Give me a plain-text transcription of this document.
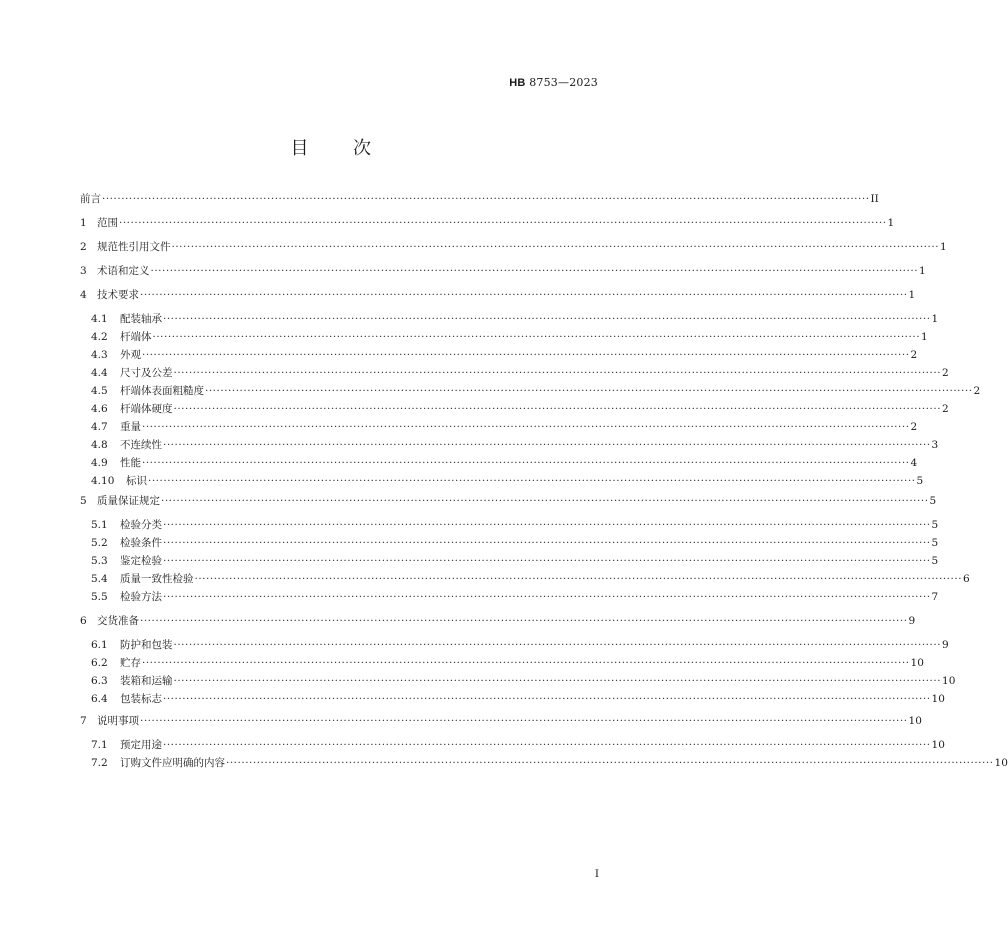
HB 8753—2023
目 次
前言 ········································································································································································································ II
1 范围 ········································································································································································································ 1
2 规范性引用文件 ········································································································································································································ 1
3 术语和定义 ········································································································································································································ 1
4 技术要求 ········································································································································································································ 1
4.1 配装轴承 ········································································································································································································ 1
4.2 杆端体 ········································································································································································································ 1
4.3 外观 ········································································································································································································ 2
4.4 尺寸及公差 ········································································································································································································ 2
4.5 杆端体表面粗糙度 ········································································································································································································ 2
4.6 杆端体硬度 ········································································································································································································ 2
4.7 重量 ········································································································································································································ 2
4.8 不连续性 ········································································································································································································ 3
4.9 性能 ········································································································································································································ 4
4.10 标识 ········································································································································································································ 5
5 质量保证规定 ········································································································································································································ 5
5.1 检验分类 ········································································································································································································ 5
5.2 检验条件 ········································································································································································································ 5
5.3 鉴定检验 ········································································································································································································ 5
5.4 质量一致性检验 ········································································································································································································ 6
5.5 检验方法 ········································································································································································································ 7
6 交货准备 ········································································································································································································ 9
6.1 防护和包装 ········································································································································································································ 9
6.2 贮存 ········································································································································································································ 10
6.3 装箱和运输 ········································································································································································································ 10
6.4 包装标志 ········································································································································································································ 10
7 说明事项 ········································································································································································································ 10
7.1 预定用途 ········································································································································································································ 10
7.2 订购文件应明确的内容 ········································································································································································································ 10
I
